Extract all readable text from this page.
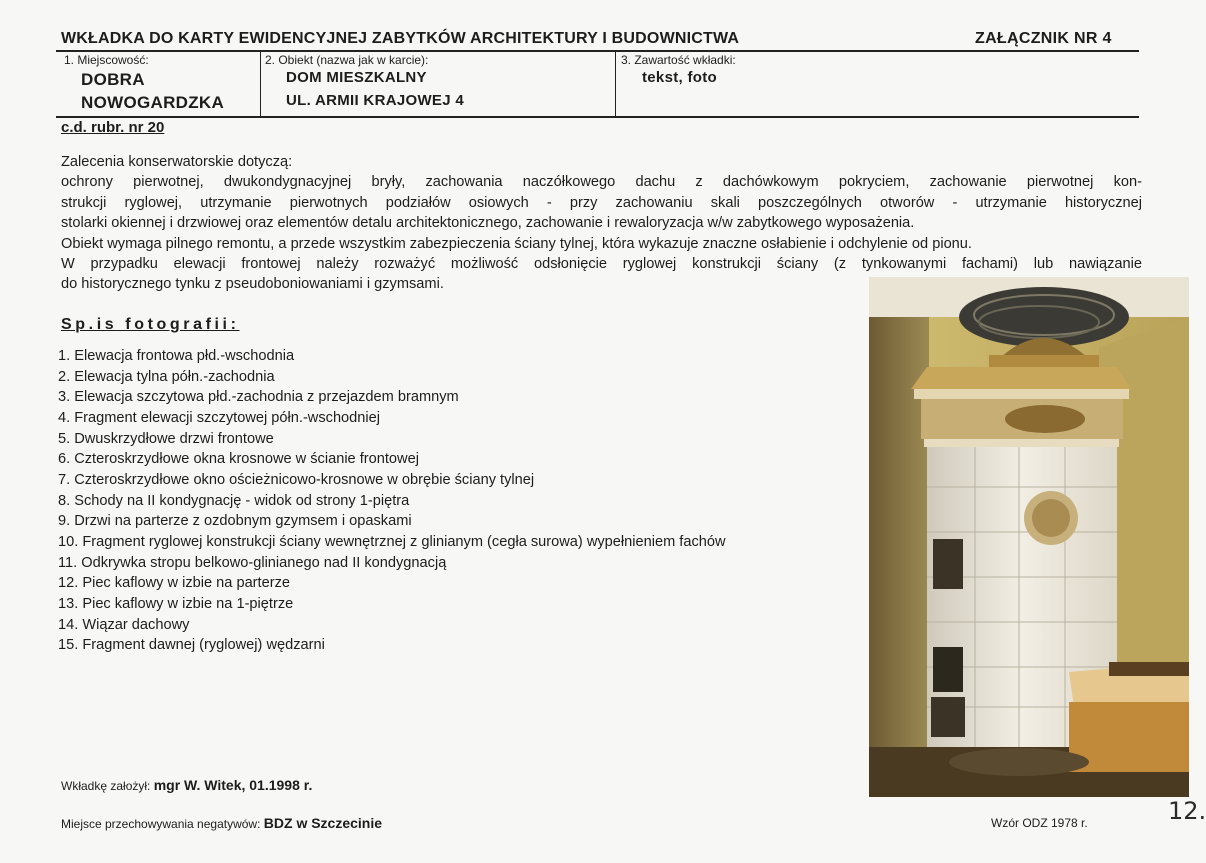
WKŁADKA DO KARTY EWIDENCYJNEJ ZABYTKÓW ARCHITEKTURY I BUDOWNICTWA	ZAŁĄCZNIK NR 4
1. Miejscowość:
DOBRA
NOWOGARDZKA
2. Obiekt (nazwa jak w karcie):
DOM MIESZKALNY
UL. ARMII KRAJOWEJ 4
3. Zawartość wkładki:
tekst, foto
c.d. rubr. nr 20
Zalecenia konserwatorskie dotyczą:
ochrony pierwotnej, dwukondygnacyjnej bryły, zachowania naczółkowego dachu z dachówkowym pokryciem, zachowanie pierwotnej kon-
strukcji ryglowej, utrzymanie pierwotnych podziałów osiowych - przy zachowaniu skali poszczególnych otworów - utrzymanie historycznej
stolarki okiennej i drzwiowej oraz elementów detalu architektonicznego, zachowanie i rewaloryzacja w/w zabytkowego wyposażenia.
Obiekt wymaga pilnego remontu, a przede wszystkim zabezpieczenia ściany tylnej, która wykazuje znaczne osłabienie i odchylenie od pionu.
W przypadku elewacji frontowej należy rozważyć możliwość odsłonięcie ryglowej konstrukcji ściany (z tynkowanymi fachami) lub nawiązanie
do historycznego tynku z pseudoboniowaniami i gzymsami.
Sp.is fotografii:
1. Elewacja frontowa płd.-wschodnia
2. Elewacja tylna półn.-zachodnia
3. Elewacja szczytowa płd.-zachodnia z przejazdem bramnym
4. Fragment elewacji szczytowej półn.-wschodniej
5. Dwuskrzydłowe drzwi frontowe
6. Czteroskrzydłowe okna krosnowe w ścianie frontowej
7. Czteroskrzydłowe okno ościeżnicowo-krosnowe w obrębie ściany tylnej
8. Schody na II kondygnację - widok od strony 1-piętra
9. Drzwi na parterze z ozdobnym gzymsem i opaskami
10. Fragment ryglowej konstrukcji ściany wewnętrznej z glinianym (cegła surowa) wypełnieniem fachów
11. Odkrywka stropu belkowo-glinianego nad II kondygnacją
12. Piec kaflowy w izbie na parterze
13. Piec kaflowy w izbie na 1-piętrze
14. Wiązar dachowy
15. Fragment dawnej (ryglowej) wędzarni
Wkładkę założył: mgr W. Witek, 01.1998 r.
Miejsce przechowywania negatywów: BDZ w Szczecinie	Wzór ODZ 1978 r.	12.
